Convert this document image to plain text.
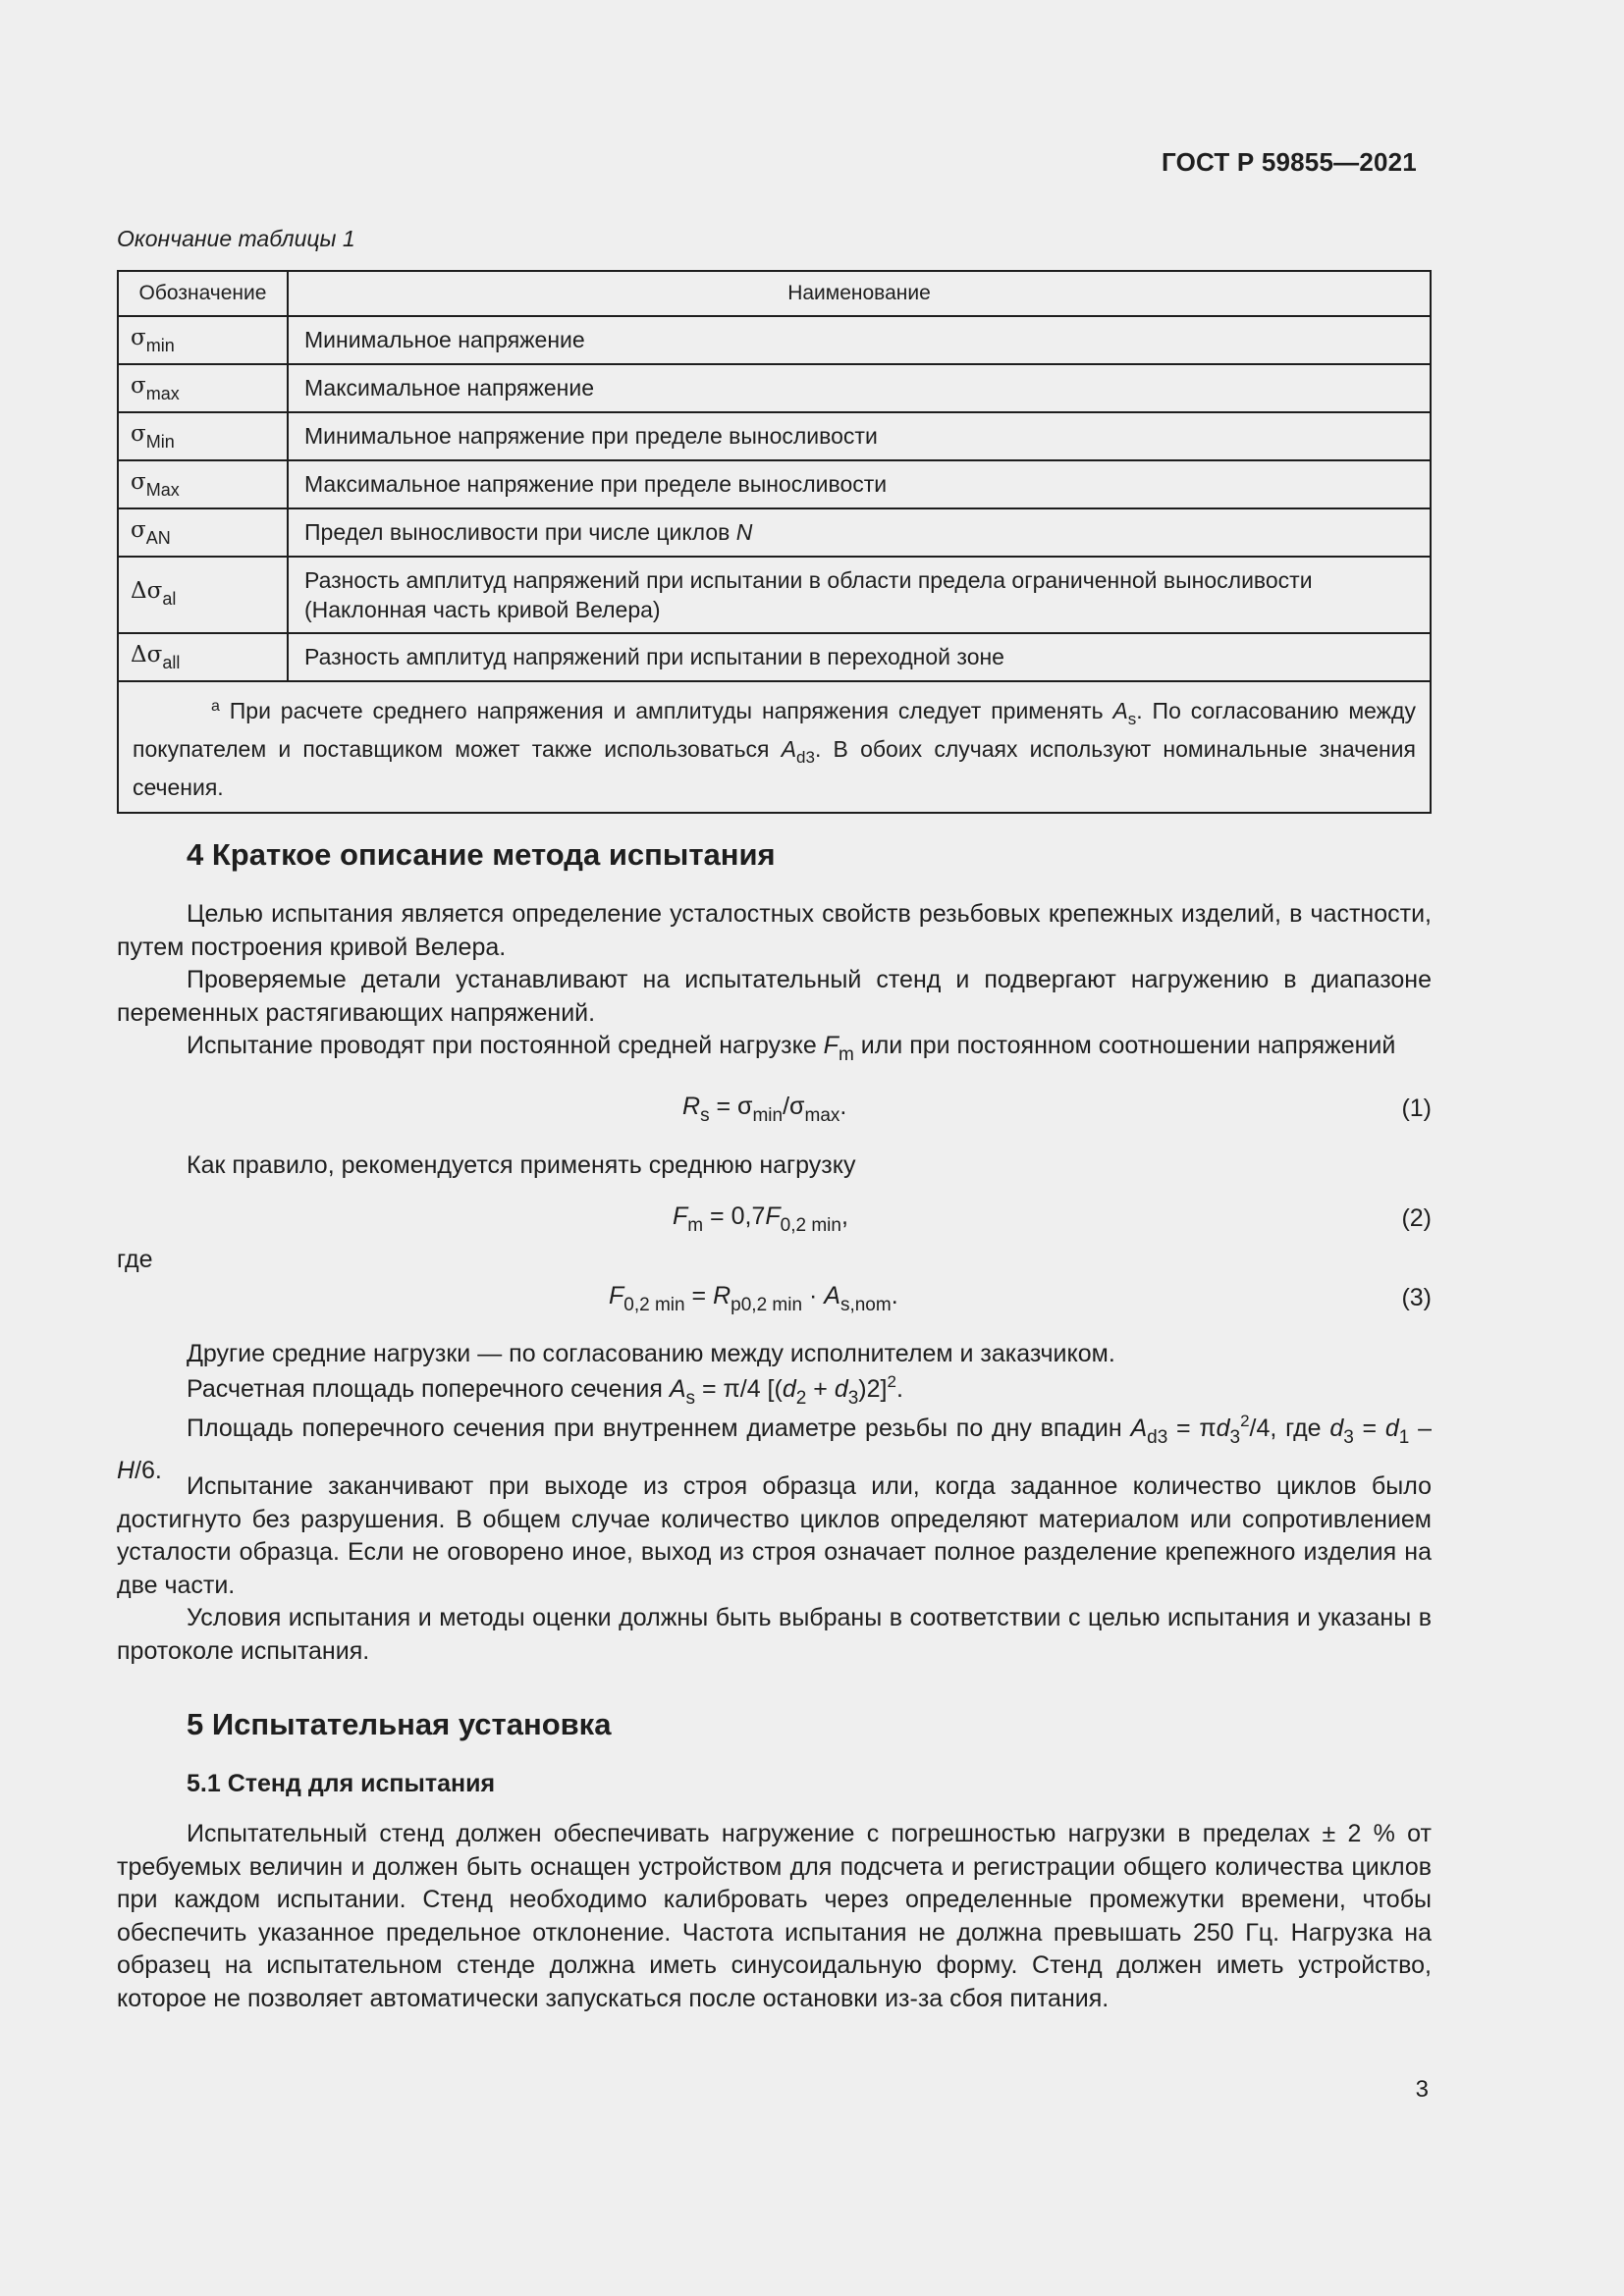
ГОСТ Р 59855—2021
Окончание таблицы 1
Обозначение	Наименование
$\sigma_{min}$	Минимальное напряжение
$\sigma_{max}$	Максимальное напряжение
$\sigma_{Min}$	Минимальное напряжение при пределе выносливости
$\sigma_{Max}$	Максимальное напряжение при пределе выносливости
$\sigma_{AN}$	Предел выносливости при числе циклов N
$\Delta\sigma_{al}$	Разность амплитуд напряжений при испытании в области предела ограниченной выносливости (Наклонная часть кривой Велера)
$\Delta\sigma_{all}$	Разность амплитуд напряжений при испытании в переходной зоне
$^a$ При расчете среднего напряжения и амплитуды напряжения следует применять $A_s$. По согласованию между покупателем и поставщиком может также использоваться $A_{d3}$. В обоих случаях используют номинальные значения сечения.	
4 Краткое описание метода испытания
Целью испытания является определение усталостных свойств резьбовых крепежных изделий, в частности, путем построения кривой Велера.
Проверяемые детали устанавливают на испытательный стенд и подвергают нагружению в диапазоне переменных растягивающих напряжений.
Испытание проводят при постоянной средней нагрузке $F_m$ или при постоянном соотношении напряжений
$R_s = \sigma_{min}/\sigma_{max}$.	(1)
Как правило, рекомендуется применять среднюю нагрузку
$F_m = 0,7F_{0,2 min}$,	(2)
где
$F_{0,2 min} = R_{p0,2 min} \cdot A_{s,nom}$.	(3)
Другие средние нагрузки — по согласованию между исполнителем и заказчиком.
Расчетная площадь поперечного сечения $A_s = \pi/4$ $[(d_2 + d_3)2]^2$.
Площадь поперечного сечения при внутреннем диаметре резьбы по дну впадин $A_{d3} = \pi d_3^2/4$, где $d_3 = d_1 - H/6$.
Испытание заканчивают при выходе из строя образца или, когда заданное количество циклов было достигнуто без разрушения. В общем случае количество циклов определяют материалом или сопротивлением усталости образца. Если не оговорено иное, выход из строя означает полное разделение крепежного изделия на две части.
Условия испытания и методы оценки должны быть выбраны в соответствии с целью испытания и указаны в протоколе испытания.
5 Испытательная установка
5.1 Стенд для испытания
Испытательный стенд должен обеспечивать нагружение с погрешностью нагрузки в пределах ± 2 % от требуемых величин и должен быть оснащен устройством для подсчета и регистрации общего количества циклов при каждом испытании. Стенд необходимо калибровать через определенные промежутки времени, чтобы обеспечить указанное предельное отклонение. Частота испытания не должна превышать 250 Гц. Нагрузка на образец на испытательном стенде должна иметь синусоидальную форму. Стенд должен иметь устройство, которое не позволяет автоматически запускаться после остановки из-за сбоя питания.
3
